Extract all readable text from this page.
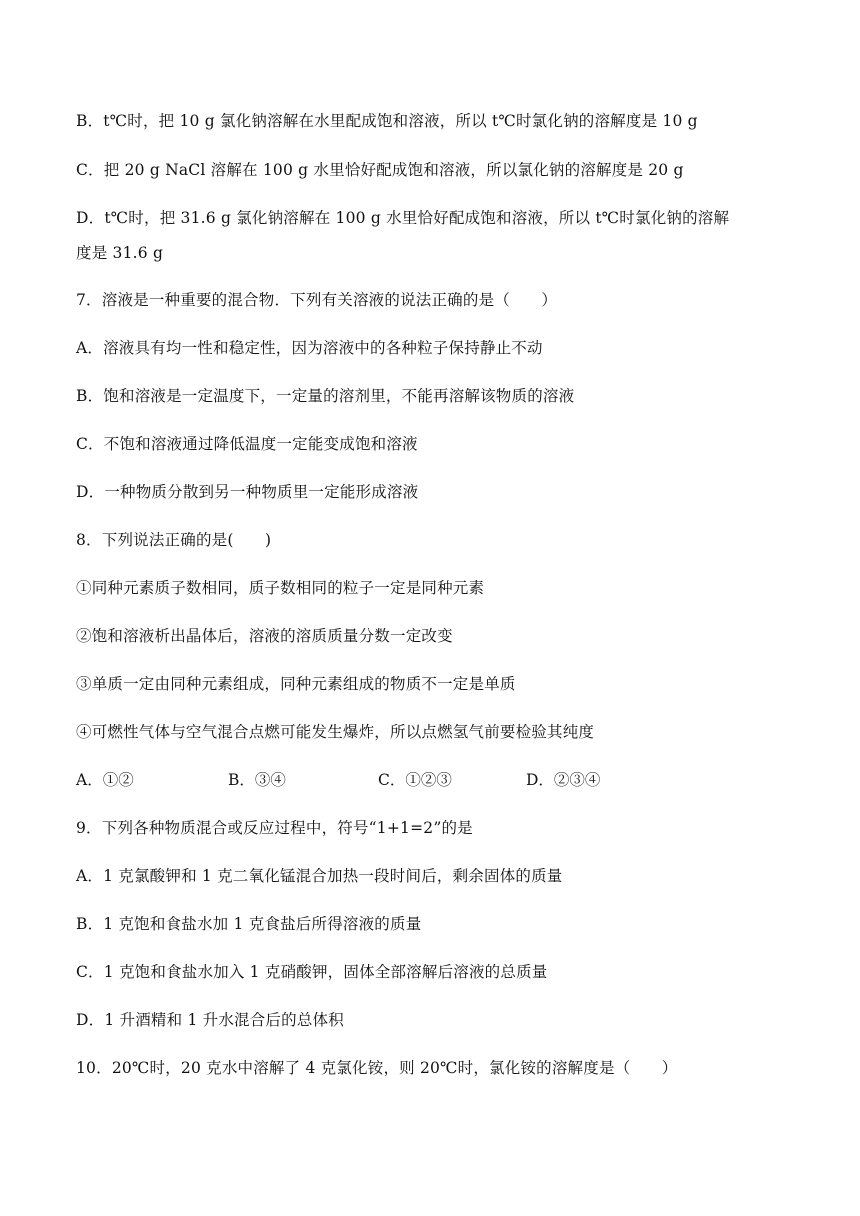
B．t℃时，把 10 g 氯化钠溶解在水里配成饱和溶液，所以 t℃时氯化钠的溶解度是 10 g
C．把 20 g NaCl 溶解在 100 g 水里恰好配成饱和溶液，所以氯化钠的溶解度是 20 g
D．t℃时，把 31.6 g 氯化钠溶解在 100 g 水里恰好配成饱和溶液，所以 t℃时氯化钠的溶解
度是 31.6 g
7．溶液是一种重要的混合物．下列有关溶液的说法正确的是（　　）
A．溶液具有均一性和稳定性，因为溶液中的各种粒子保持静止不动
B．饱和溶液是一定温度下，一定量的溶剂里，不能再溶解该物质的溶液
C．不饱和溶液通过降低温度一定能变成饱和溶液
D．一种物质分散到另一种物质里一定能形成溶液
8．下列说法正确的是(　　)
①同种元素质子数相同，质子数相同的粒子一定是同种元素
②饱和溶液析出晶体后，溶液的溶质质量分数一定改变
③单质一定由同种元素组成，同种元素组成的物质不一定是单质
④可燃性气体与空气混合点燃可能发生爆炸，所以点燃氢气前要检验其纯度
A．①②	B．③④	C．①②③	D．②③④
9．下列各种物质混合或反应过程中，符号“1+1=2”的是
A．1 克氯酸钾和 1 克二氧化锰混合加热一段时间后，剩余固体的质量
B．1 克饱和食盐水加 1 克食盐后所得溶液的质量
C．1 克饱和食盐水加入 1 克硝酸钾，固体全部溶解后溶液的总质量
D．1 升酒精和 1 升水混合后的总体积
10．20℃时，20 克水中溶解了 4 克氯化铵，则 20℃时，氯化铵的溶解度是（　　）
